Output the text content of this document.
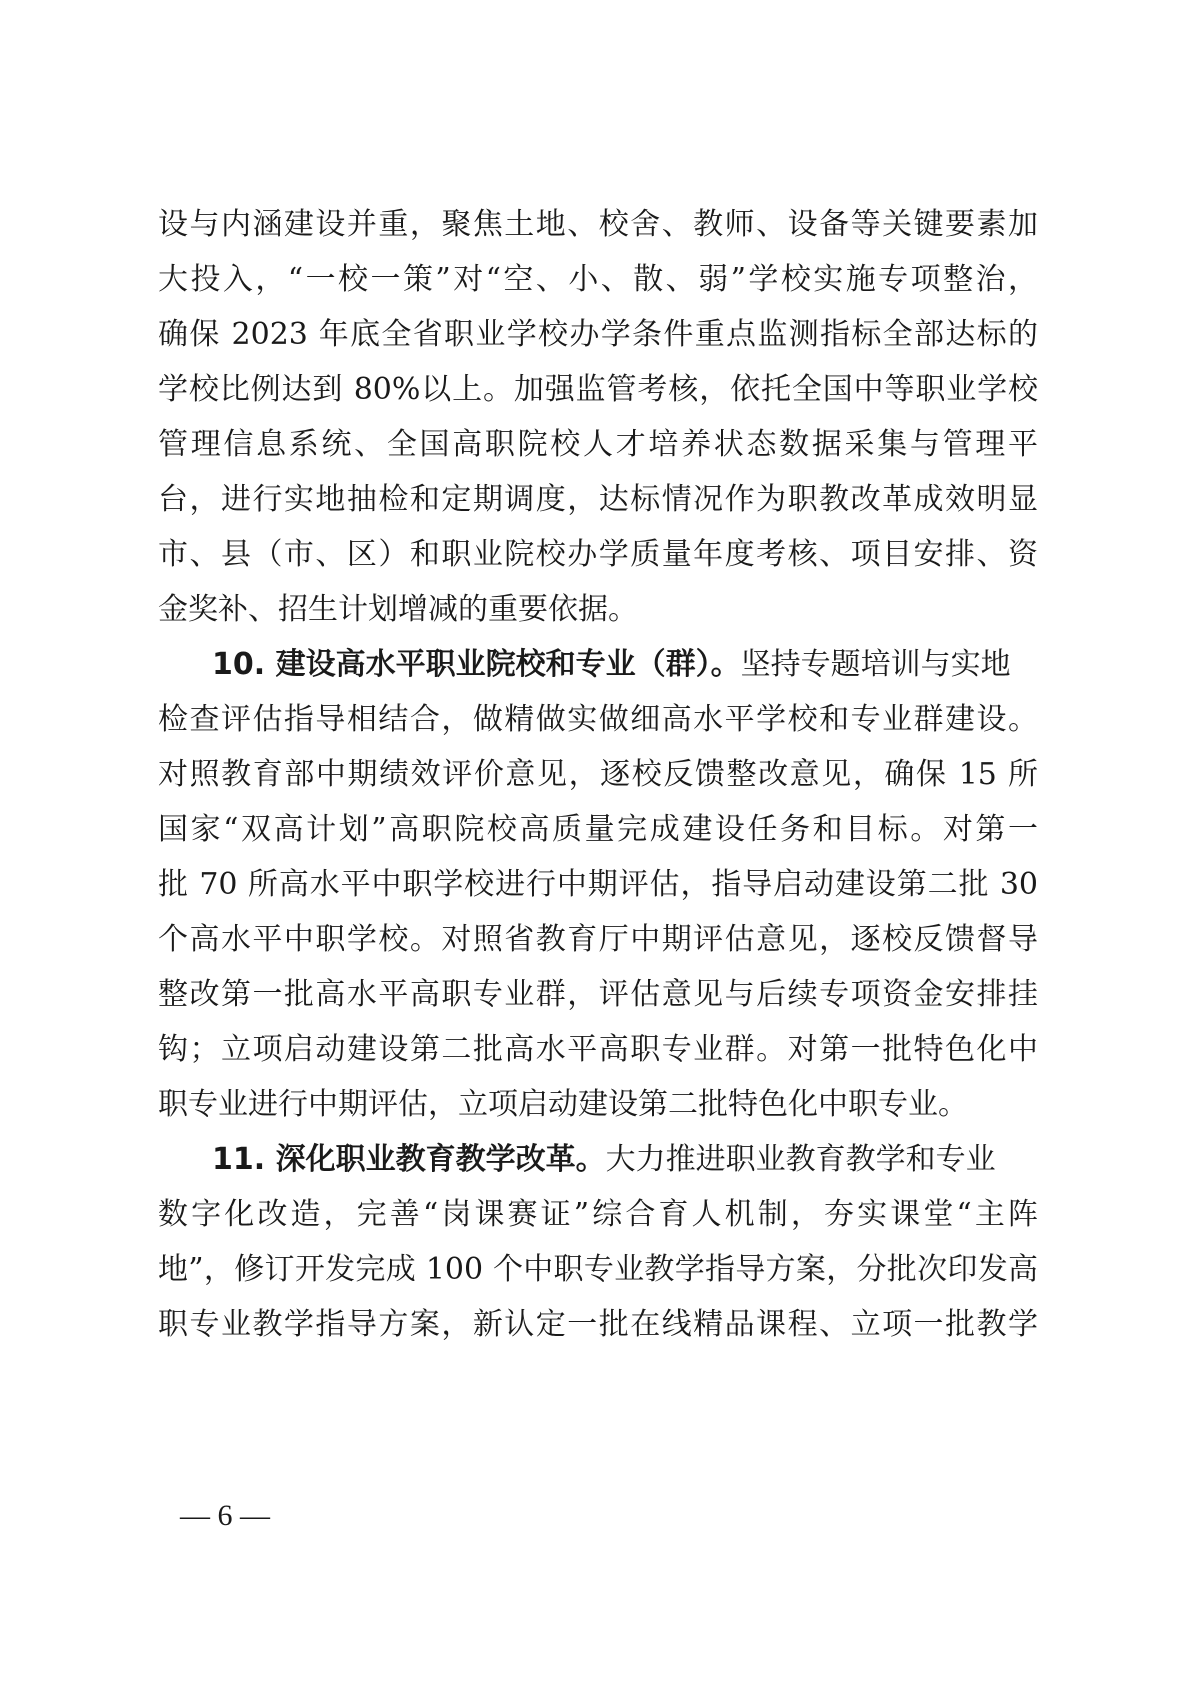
设与内涵建设并重，聚焦土地、校舍、教师、设备等关键要素加
大投入，“一校一策”对“空、小、散、弱”学校实施专项整治，
确保 2023 年底全省职业学校办学条件重点监测指标全部达标的
学校比例达到 80%以上。加强监管考核，依托全国中等职业学校
管理信息系统、全国高职院校人才培养状态数据采集与管理平
台，进行实地抽检和定期调度，达标情况作为职教改革成效明显
市、县（市、区）和职业院校办学质量年度考核、项目安排、资
金奖补、招生计划增减的重要依据。
10. 建设高水平职业院校和专业（群）。坚持专题培训与实地
检查评估指导相结合，做精做实做细高水平学校和专业群建设。
对照教育部中期绩效评价意见，逐校反馈整改意见，确保 15 所
国家“双高计划”高职院校高质量完成建设任务和目标。对第一
批 70 所高水平中职学校进行中期评估，指导启动建设第二批 30
个高水平中职学校。对照省教育厅中期评估意见，逐校反馈督导
整改第一批高水平高职专业群，评估意见与后续专项资金安排挂
钩；立项启动建设第二批高水平高职专业群。对第一批特色化中
职专业进行中期评估，立项启动建设第二批特色化中职专业。
11. 深化职业教育教学改革。大力推进职业教育教学和专业
数字化改造，完善“岗课赛证”综合育人机制，夯实课堂“主阵
地”，修订开发完成 100 个中职专业教学指导方案，分批次印发高
职专业教学指导方案，新认定一批在线精品课程、立项一批教学
— 6 —
